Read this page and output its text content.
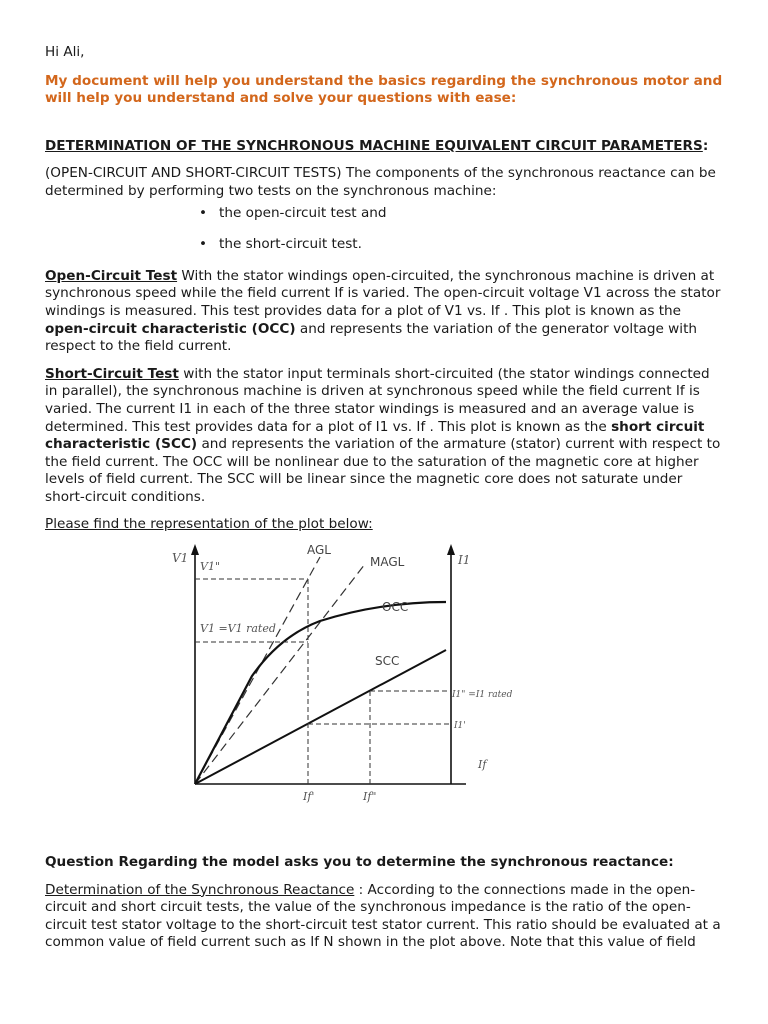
Hi Ali,

My document will help you understand the basics regarding the synchronous motor and will help you understand and solve your questions with ease:

DETERMINATION OF THE SYNCHRONOUS MACHINE EQUIVALENT CIRCUIT PARAMETERS:

(OPEN-CIRCUIT AND SHORT-CIRCUIT TESTS) The components of the synchronous reactance can be determined by performing two tests on the synchronous machine:

• the open-circuit test and
• the short-circuit test.

Open-Circuit Test With the stator windings open-circuited, the synchronous machine is driven at synchronous speed while the field current If is varied. The open-circuit voltage V1 across the stator windings is measured. This test provides data for a plot of V1 vs. If . This plot is known as the open-circuit characteristic (OCC) and represents the variation of the generator voltage with respect to the field current.

Short-Circuit Test with the stator input terminals short-circuited (the stator windings connected in parallel), the synchronous machine is driven at synchronous speed while the field current If is varied. The current I1 in each of the three stator windings is measured and an average value is determined. This test provides data for a plot of I1 vs. If . This plot is known as the short circuit characteristic (SCC) and represents the variation of the armature (stator) current with respect to the field current. The OCC will be nonlinear due to the saturation of the magnetic core at higher levels of field current. The SCC will be linear since the magnetic core does not saturate under short-circuit conditions.

Please find the representation of the plot below:

V1	I1
If
V1"
V1 =V1 rated
I1" =I1 rated
I1'
If'	If"
AGL
MAGL
OCC
SCC

Question Regarding the model asks you to determine the synchronous reactance:

Determination of the Synchronous Reactance : According to the connections made in the open-circuit and short circuit tests, the value of the synchronous impedance is the ratio of the open-circuit test stator voltage to the short-circuit test stator current. This ratio should be evaluated at a common value of field current such as If N shown in the plot above. Note that this value of field
